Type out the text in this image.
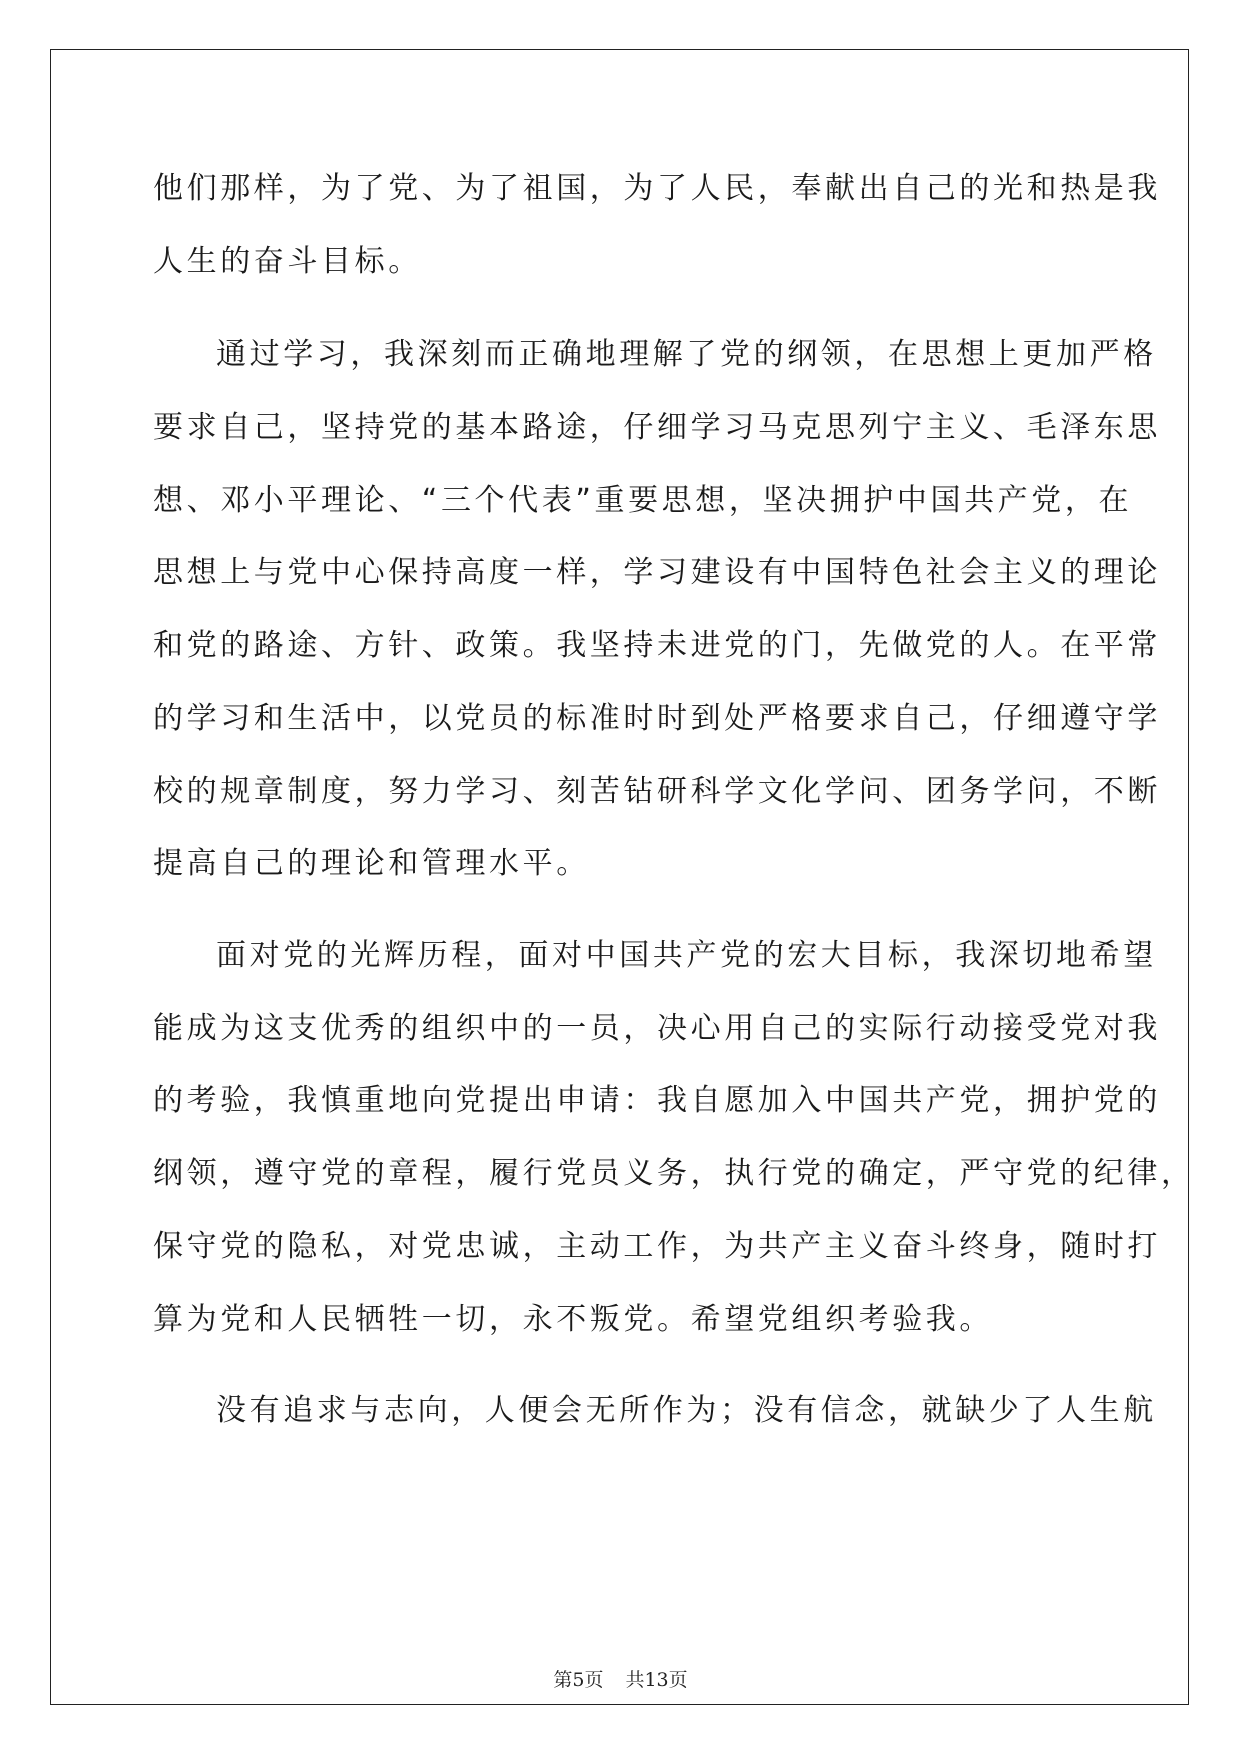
他们那样，为了党、为了祖国，为了人民，奉献出自己的光和热是我
人生的奋斗目标。
通过学习，我深刻而正确地理解了党的纲领，在思想上更加严格
要求自己，坚持党的基本路途，仔细学习马克思列宁主义、毛泽东思
想、邓小平理论、“三个代表”重要思想，坚决拥护中国共产党，在
思想上与党中心保持高度一样，学习建设有中国特色社会主义的理论
和党的路途、方针、政策。我坚持未进党的门，先做党的人。在平常
的学习和生活中，以党员的标准时时到处严格要求自己，仔细遵守学
校的规章制度，努力学习、刻苦钻研科学文化学问、团务学问，不断
提高自己的理论和管理水平。
面对党的光辉历程，面对中国共产党的宏大目标，我深切地希望
能成为这支优秀的组织中的一员，决心用自己的实际行动接受党对我
的考验，我慎重地向党提出申请：我自愿加入中国共产党，拥护党的
纲领，遵守党的章程，履行党员义务，执行党的确定，严守党的纪律，
保守党的隐私，对党忠诚，主动工作，为共产主义奋斗终身，随时打
算为党和人民牺牲一切，永不叛党。希望党组织考验我。
没有追求与志向，人便会无所作为；没有信念，就缺少了人生航
第5页 共13页
